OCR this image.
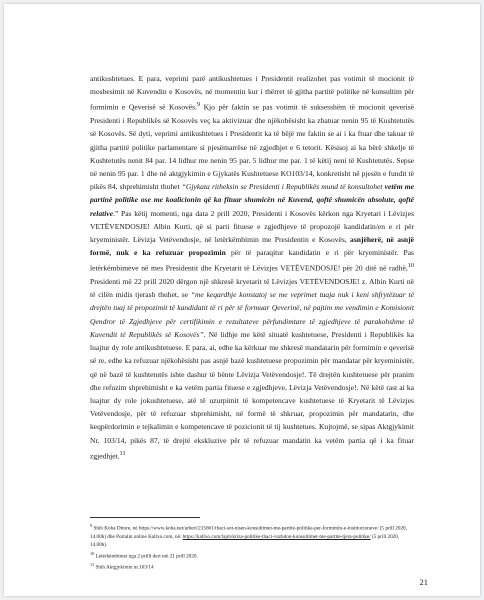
antikushtetues. E para, veprimi parë antikushtetues i Presidentit realizohet pas votimit të mocionit të mosbesimit në Kuvendin e Kosovës, në momentin kur i thërret të gjitha partitë politike në konsultim për formimin e Qeverisë së Kosovës.$^9$ Kjo për faktin se pas votimit të suksesshëm të mocionit qeverisë Presidenti i Republikës së Kosovës veç ka aktivizuar dhe njëkohësisht ka zbatuar nenin 95 të Kushtetutës së Kosovës. Së dyti, veprimi antikushtetues i Presidentit ka të bëjë me faktin se ai i ka ftuar dhe takuar të gjitha partitë politike parlamentare si pjesëmarrëse në zgjedhjet e 6 tetorit. Kësisoj ai ka bërë shkelje të Kushtetutës nenit 84 par. 14 lidhur me nenin 95 par. 5 lidhur me par. 1 të këtij neni të Kushtetutës. Sepse në nenin 95 par. 1 dhe në aktgjykimin e Gjykatës Kushtetuese KO103/14, konkretisht në pjesën e fundit të pikës 84, shprehimisht thuhet “Gjykata ritheksin se Presidenti i Republikës mund të konsultohet vetëm me partinë politike ose me koalicionin që ka fituar shumicën në Kuvend, qoftë shumicën absolute, qoftë relative.” Pas këtij momenti, nga data 2 prill 2020, Presidenti i Kosovës kërkon nga Kryetari i Lëvizjes VETËVENDOSJE! Albin Kurti, që si parti fituese e zgjedhjeve të propozojë kandidatin/en e ri për kryeministër. Lëvizja Vetëvendosje, në letërkëmbimin me Presidentin e Kosovës, asnjëherë, në asnjë formë, nuk e ka refuzuar propozimin për të paraqitur kandidatin e ri për kryeministër. Pas letërkëmbimeve në mes Presidentit dhe Kryetarit të Lëvizjes VETËVENDOSJE! për 20 ditë në radhë,$^{10}$ Presidenti më 22 prill 2020 dërgon një shkresë kryetarit të Lëvizjes VETËVENDOSJE! z. Albin Kurti në të cilën midis tjerash thuhet, se “me keqardhje konstatoj se me veprimet tuaja nuk i keni shfrytëzuar të drejtën tuaj të propozimit të kandidatit të ri për të formuar Qeverinë, në pajtim me vendimin e Komisionit Qendror të Zgjedhjeve për certifikimin e rezultateve përfundimtare të zgjedhjeve të parakohshme të Kuvendit të Republikës së Kosovës”. Në lidhje me këtë situatë kushtetuese, Presidenti i Republikës ka luajtur dy role antikushtetuese. E para, ai, edhe ka kërkuar me shkresë mandatarin për formimin e qeverisë së re, edhe ka refuzuar njëkohësisht pas asnjë bazë kushtetuese propozimin për mandatar për kryeministër, që në bazë të kushtetutës ishte dashur të bënte Lëvizja Vetëvendosje!. Të drejtën kushtetuese për pranim dhe refuzim shprehimisht e ka vetëm partia fituese e zgjedhjeve, Lëvizja Vetëvendosje!. Në këtë rast ai ka luajtur dy role jokushtetuese, atë të uzurpimit të kompetencave kushtetuese të Kryetarit të Lëvizjes Vetëvendosje, për të refuzuar shprehimisht, në formë të shkruar, propozimin për mandatarin, dhe keqpërdorimin e tejkalimin e kompetencave të pozicionit të tij kushtetues. Kujtojmë, se sipas Aktgjykimit Nr. 103/14, pikës 87, të drejtë ekskluzive për të refuzuar mandatin ka vetëm partia që i ka fituar zgjedhjet.$^{11}$

$^9$ Shih Koha Ditore, në https://www.koha.net/arberi/215661/thaci-sot-nisen-konsultimet-me-partite-politike-per-formimin-e-institucioneve/ (5 prill 2020, 14.00h) dhe Portalin online Kallxo.com, në: https://kallxo.com/lajm/kriza-politike-thaci-vazhdon-konsultimet-me-partite-tjera-politike/ (5 prill 2020, 14.00h).

$^{10}$ Letërkëmbimet nga 2 prilli deri më 21 prill 2020.

$^{11}$ Shih Aktgjykimin nr.103/14

21
